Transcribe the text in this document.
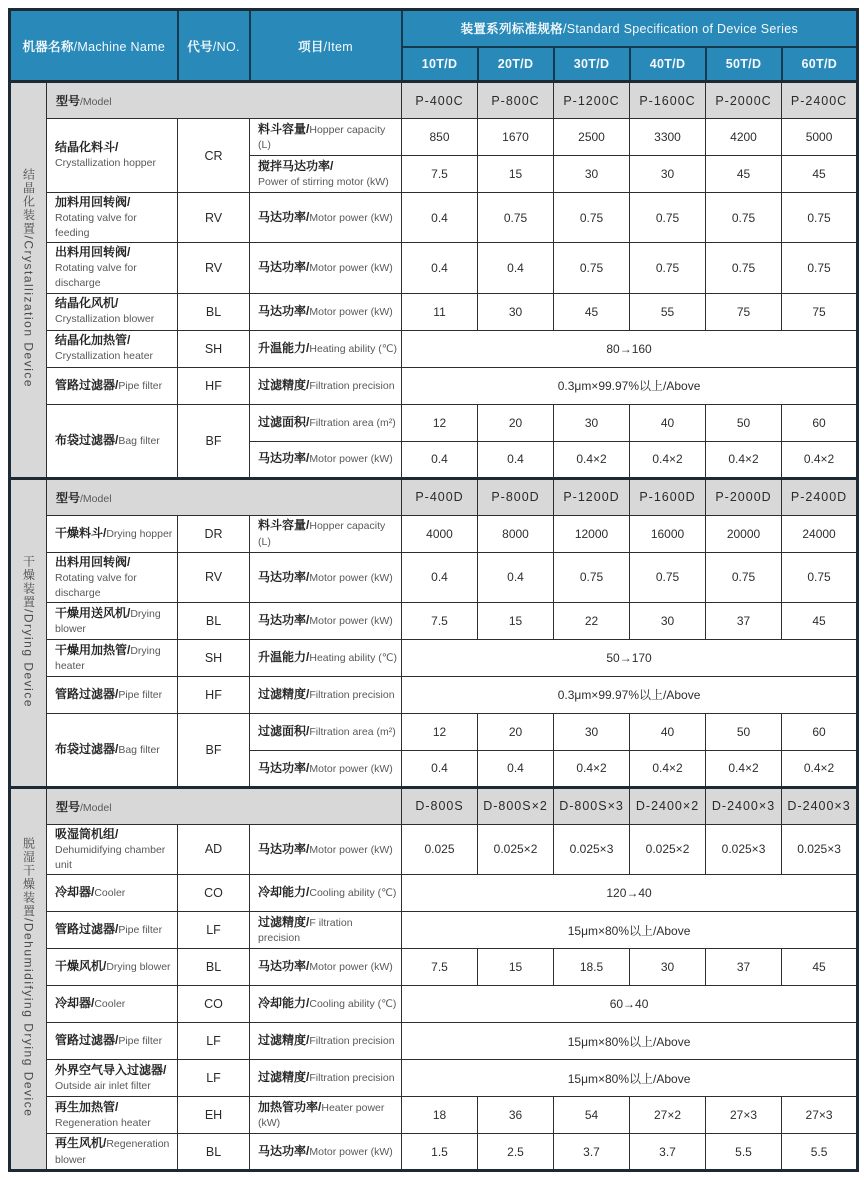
机器名称/Machine Name		代号/NO.	项目/Item	装置系列标准规格/Standard Specification of Device Series					
				10T/D	20T/D	30T/D	40T/D	50T/D	60T/D
结晶化装置/Crystallization Device	型号/Model			P-400C	P-800C	P-1200C	P-1600C	P-2000C	P-2400C
	结晶化料斗/
Crystallization hopper	CR	料斗容量/Hopper capacity (L)	850	1670	2500	3300	4200	5000
			搅拌马达功率/
Power of stirring motor (kW)	7.5	15	30	30	45	45
	加料用回转阀/
Rotating valve for feeding	RV	马达功率/Motor power (kW)	0.4	0.75	0.75	0.75	0.75	0.75
	出料用回转阀/
Rotating valve for discharge	RV	马达功率/Motor power (kW)	0.4	0.4	0.75	0.75	0.75	0.75
	结晶化风机/
Crystallization blower	BL	马达功率/Motor power (kW)	11	30	45	55	75	75
	结晶化加热管/
Crystallization heater	SH	升温能力/Heating ability (℃)	80→160					
	管路过滤器/Pipe filter	HF	过滤精度/Filtration precision	0.3μm×99.97%以上/Above					
	布袋过滤器/Bag filter	BF	过滤面积/Filtration area (m²)	12	20	30	40	50	60
			马达功率/Motor power (kW)	0.4	0.4	0.4×2	0.4×2	0.4×2	0.4×2
干燥装置/Drying Device	型号/Model			P-400D	P-800D	P-1200D	P-1600D	P-2000D	P-2400D
	干燥料斗/Drying hopper	DR	料斗容量/Hopper capacity (L)	4000	8000	12000	16000	20000	24000
	出料用回转阀/
Rotating valve for discharge	RV	马达功率/Motor power (kW)	0.4	0.4	0.75	0.75	0.75	0.75
	干燥用送风机/Drying blower	BL	马达功率/Motor power (kW)	7.5	15	22	30	37	45
	干燥用加热管/Drying heater	SH	升温能力/Heating ability (℃)	50→170					
	管路过滤器/Pipe filter	HF	过滤精度/Filtration precision	0.3μm×99.97%以上/Above					
	布袋过滤器/Bag filter	BF	过滤面积/Filtration area (m²)	12	20	30	40	50	60
			马达功率/Motor power (kW)	0.4	0.4	0.4×2	0.4×2	0.4×2	0.4×2
脱湿干燥装置/Dehumidifying Drying Device	型号/Model			D-800S	D-800S×2	D-800S×3	D-2400×2	D-2400×3	D-2400×3
	吸湿筒机组/
Dehumidifying chamber unit	AD	马达功率/Motor power (kW)	0.025	0.025×2	0.025×3	0.025×2	0.025×3	0.025×3
	冷却器/Cooler	CO	冷却能力/Cooling ability (℃)	120→40					
	管路过滤器/Pipe filter	LF	过滤精度/F iltration precision	15μm×80%以上/Above					
	干燥风机/Drying blower	BL	马达功率/Motor power (kW)	7.5	15	18.5	30	37	45
	冷却器/Cooler	CO	冷却能力/Cooling ability (℃)	60→40					
	管路过滤器/Pipe filter	LF	过滤精度/Filtration precision	15μm×80%以上/Above					
	外界空气导入过滤器/
Outside air inlet filter	LF	过滤精度/Filtration precision	15μm×80%以上/Above					
	再生加热管/
Regeneration heater	EH	加热管功率/Heater power (kW)	18	36	54	27×2	27×3	27×3
	再生风机/Regeneration blower	BL	马达功率/Motor power (kW)	1.5	2.5	3.7	3.7	5.5	5.5
